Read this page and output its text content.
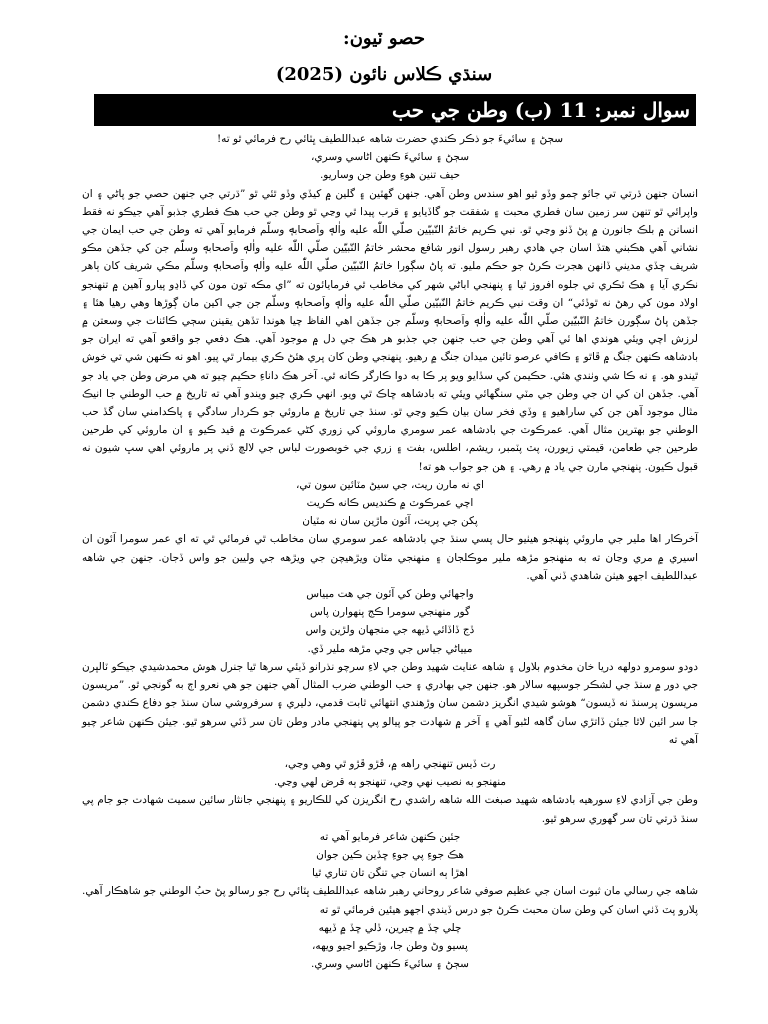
حصو ٽيون:
سنڌي ڪلاس نائون (2025)
سوال نمبر: 11 (ب) وطن جي حب

سڄڻ ۽ سائيءَ جو ذڪر ڪندي حضرت شاهه عبداللطيف ڀٽائي رح فرمائي ٿو ته!

سڄڻ ۽ سائيءَ ڪنهن اڻاسي وسري،

حيف تنين هوءِ وطن جن وساريو.

انسان جنهن ڌرتي تي جائو ڄمو وڏو ٿيو اهو سندس وطن آهي. جنهن گهٽين ۽ گلين ۾ کيڏي وڏو ٿئي ٿو ”ڌرتي جي جنهن حصي جو پاڻي ۽ ان واپرائي ٿو تنهن سر زمين سان فطري محبت ۽ شفقت جو گاڏيايو ۽ قرب پيدا ٿي وڃي ٿو وطن جي حب هڪ فطري جذبو آهي جيڪو نه فقط انسانن ۾ بلڪ جانورن ۾ پڻ ڏٺو وڃي ٿو. نبي ڪريم خاتمُ النّبيّين صلّي اللّٰه عليه واٰلهٖ واَصحابهٖ وسلّم فرمايو آهي ته وطن جي حب ايمان جي نشاني آهي هڪبني هتڏ اسان جي هادي رهبر رسول انور شافع محشر خاتمُ النّبيّين صلّي اللّٰه عليه واٰلهٖ واَصحابهٖ وسلّم جن کي جڏهن مڪو شريف ڇڏي مديني ڏانهن هجرت ڪرڻ جو حڪم مليو. ته پاڻ سڳورا خاتمُ النّبيّين صلّي اللّٰه عليه واٰلهٖ واَصحابهٖ وسلّم مڪي شريف کان ٻاهر نڪري آيا ۽ هڪ ٽڪري تي جلوه افروز ٿيا ۽ پنهنجي اباڻي شهر کي مخاطب ٿي فرمايائون ته ”اي مڪه تون مون کي ڏاڍو پيارو آهين ۾ تنهنجو اولاد مون کي رهڻ نه ٿوڏئي“ ان وقت نبي ڪريم خاتمُ النّبيّين صلّي اللّٰه عليه واٰلهٖ واَصحابهٖ وسلّم جن جي اکين مان ڳوڙها وهي رهيا هئا ۽ جڏهن پاڻ سڳورن خاتمُ النّبيّين صلّي اللّٰه عليه واٰلهٖ واَصحابهٖ وسلّم جن جڏهن اهي الفاظ چيا هوندا تڏهن يقينن سڄي ڪائنات جي وسعتن ۾ لرزش اچي ويئي هوندي اها ئي آهي وطن جي حب جنهن جي جذبو هر هڪ جي دل ۾ موجود آهي. هڪ دفعي جو واقعو آهي ته ايران جو بادشاهه ڪنهن جنگ ۾ ڦاٿو ۽ ڪافي عرصو تائين ميدان جنگ ۾ رهيو. پنهنجي وطن کان پري هئڻ ڪري بيمار ٿي پيو. اهو نه ڪنهن شي تي خوش ٿيندو هو. ۽ نه ڪا شي وٺندي هئي. حڪيمن کي سڏايو ويو پر ڪا به دوا ڪارگر ڪانه ٿي. آخر هڪ داناءِ حڪيم چيو ته هي مرض وطن جي ياد جو آهي. جڏهن ان کي ان جي وطن جي مٽي سنگهائي ويئي ته بادشاهه ڇاڪ ٿي ويو. انهي ڪري چيو ويندو آهي ته تاريخ ۾ حب الوطني جا انيڪ مثال موجود آهن جن کي ساراهيو ۽ وڏي فخر سان بيان ڪيو وڃي ٿو. سنڌ جي تاريخ ۾ ماروئي جو ڪردار سادگي ۽ پاڪدامني سان گڏ حب الوطني جو بهترين مثال آهي. عمرڪوٽ جي بادشاهه عمر سومري ماروئي کي زوري کڻي عمرڪوٽ ۾ قيد ڪيو ۽ ان ماروئي کي طرحين طرحين جي طعامن، قيمتي زيورن، پٽ پٽمبر، ريشم، اطلس، بفت ۽ زري جي خوبصورت لباس جي لالچ ڏني پر ماروئي اهي سڀ شيون نه قبول ڪيون. پنهنجي مارن جي ياد ۾ رهي. ۽ هن جو جواب هو ته!

اي نه مارن ريت، جي سيڻ مٽائين سون تي،

اچي عمرڪوٽ ۾ ڪنديس ڪانه ڪريت

پکن جي پريت، آئون ماڙين سان نه مٽيان

آخرڪار اها ملير جي ماروئي پنهنجو هيٺيو حال پسي سنڌ جي بادشاهه عمر سومري سان مخاطب ٿي فرمائي ٿي ته اي عمر سومرا آئون ان اسيري ۾ مري وڃان ته به منهنجو مڙهه ملير موڪلجان ۽ منهنجي مٽان ويڙهيچن جي ويڙهه جي وليين جو واس ڏجان. جنهن جي شاهه عبداللطيف اجهو هيٺن شاهدي ڏني آهي.

واجهائي وطن کي آئون جي هت ميياس

گور منهنجي سومرا ڪج پنهوارن پاس

ڏج ڏاڏائي ڏيهه جي منجهان ولڙين واس

ميياڻي جياس جي وڃي مڙهه ملير ڏي.

دودو سومرو دولهه دريا خان مخدوم بلاول ۽ شاهه عنايت شهيد وطن جي لاءِ سرچو نذرانو ڏيئي سرها ٿيا جنرل هوش محمدشيدي جيڪو ٽالپرن جي دور ۾ سنڌ جي لشڪر جوسپهه سالار هو. جنهن جي بهادري ۽ حب الوطني ضرب المثال آهي جنهن جو هي نعرو اڄ به گونجي ٿو. ”مريسون مريسون پرسنڌ نه ڏيسون“ هوشو شيدي انگريز دشمن سان وڙهندي انتهائي ثابت قدمي، دليري ۽ سرفروشي سان سنڌ جو دفاع ڪندي دشمن جا سر ائين لاٿا جيئن ڏاتڙي سان گاهه لڻبو آهي ۽ آخر ۾ شهادت جو پيالو پي پنهنجي مادر وطن تان سر ڏئي سرهو ٿيو. جيئن ڪنهن شاعر چيو آهي ته

رت ڏيس تنهنجي راهه ۾، ڦڙو ڦڙو ٿي وهي وڃي،

منهنجو به نصيب نهي وڃي، تنهنجو ٻه قرض لهي وڃي.

وطن جي آزادي لاءِ سورهيه بادشاهه شهيد صبغت الله شاهه راشدي رح انگريزن کي للڪاريو ۽ پنهنجي جانثار سائين سميت شهادت جو جام پي سنڌ ڌرتي تان سر گهوري سرهو ٿيو.

جئين ڪنهن شاعر فرمايو آهي ته

هڪ جوءِ پي جوءِ ڇڏين ڪين جوان

اهڙا ٻه انسان جي تنگن تان تناري ٿيا

شاهه جي رسالي مان ثبوت اسان جي عظيم صوفي شاعر روحاني رهبر شاهه عبداللطيف ڀٽائي رح جو رسالو پڻ حبُ الوطني جو شاهڪار آهي. پلارو پٽ ڏٺي اسان کي وطن سان محبت ڪرڻ جو درس ڏيندي اجهو هيئين فرمائي ٿو ته

چلي چڏ ۾ چيرين، ڏلي ڇڏ ۾ ڏيهه

پسيو وڻ وطن جا، وڙڪيو اڃيو ويهه،

سڄڻ ۽ سائيءَ ڪنهن اڻاسي وسري.
